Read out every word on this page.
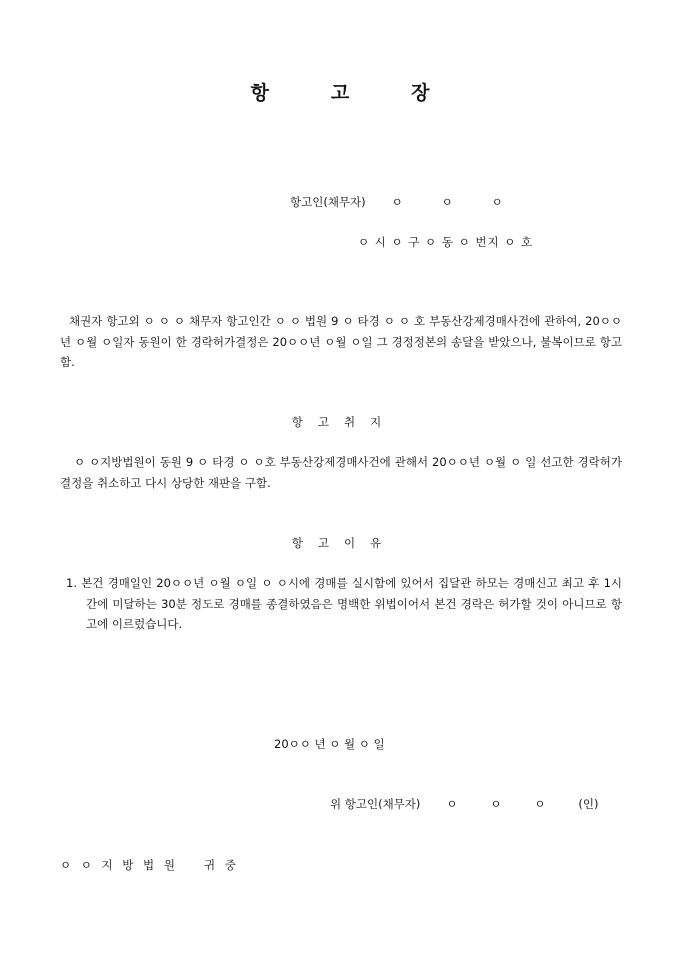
항	고	장
항고인(채무자) ㅇ	ㅇ	ㅇ
ㅇ 시 ㅇ 구 ㅇ 동 ㅇ 번지 ㅇ 호
채권자 항고외 ㅇ ㅇ ㅇ 채무자 항고인간 ㅇ ㅇ 법원 9 ㅇ 타경 ㅇ ㅇ 호 부동산강제경매사건에 관하여, 20ㅇㅇ년 ㅇ월 ㅇ일자 동원이 한 경락허가결정은 20ㅇㅇ년 ㅇ월 ㅇ일 그 경정정본의 송달을 받았으나, 불복이므로 항고함.
항고취지
ㅇ ㅇ지방법원이 동원 9 ㅇ 타경 ㅇ ㅇ호 부동산강제경매사건에 관해서 20ㅇㅇ년 ㅇ월 ㅇ 일 선고한 경락허가결정을 취소하고 다시 상당한 재판을 구함.
항고이유
1. 본건 경매일인 20ㅇㅇ년 ㅇ월 ㅇ일 ㅇ ㅇ시에 경매를 실시함에 있어서 집달관 하모는 경매신고 최고 후 1시간에 미달하는 30분 정도로 경매를 종결하였음은 명백한 위법이어서 본건 경락은 허가할 것이 아니므로 항고에 이르렀습니다.
20ㅇㅇ 년 ㅇ 월 ㅇ 일
위 항고인(채무자) ㅇ	ㅇ	ㅇ	(인)
ㅇ ㅇ 지 방 법 원 귀 중
